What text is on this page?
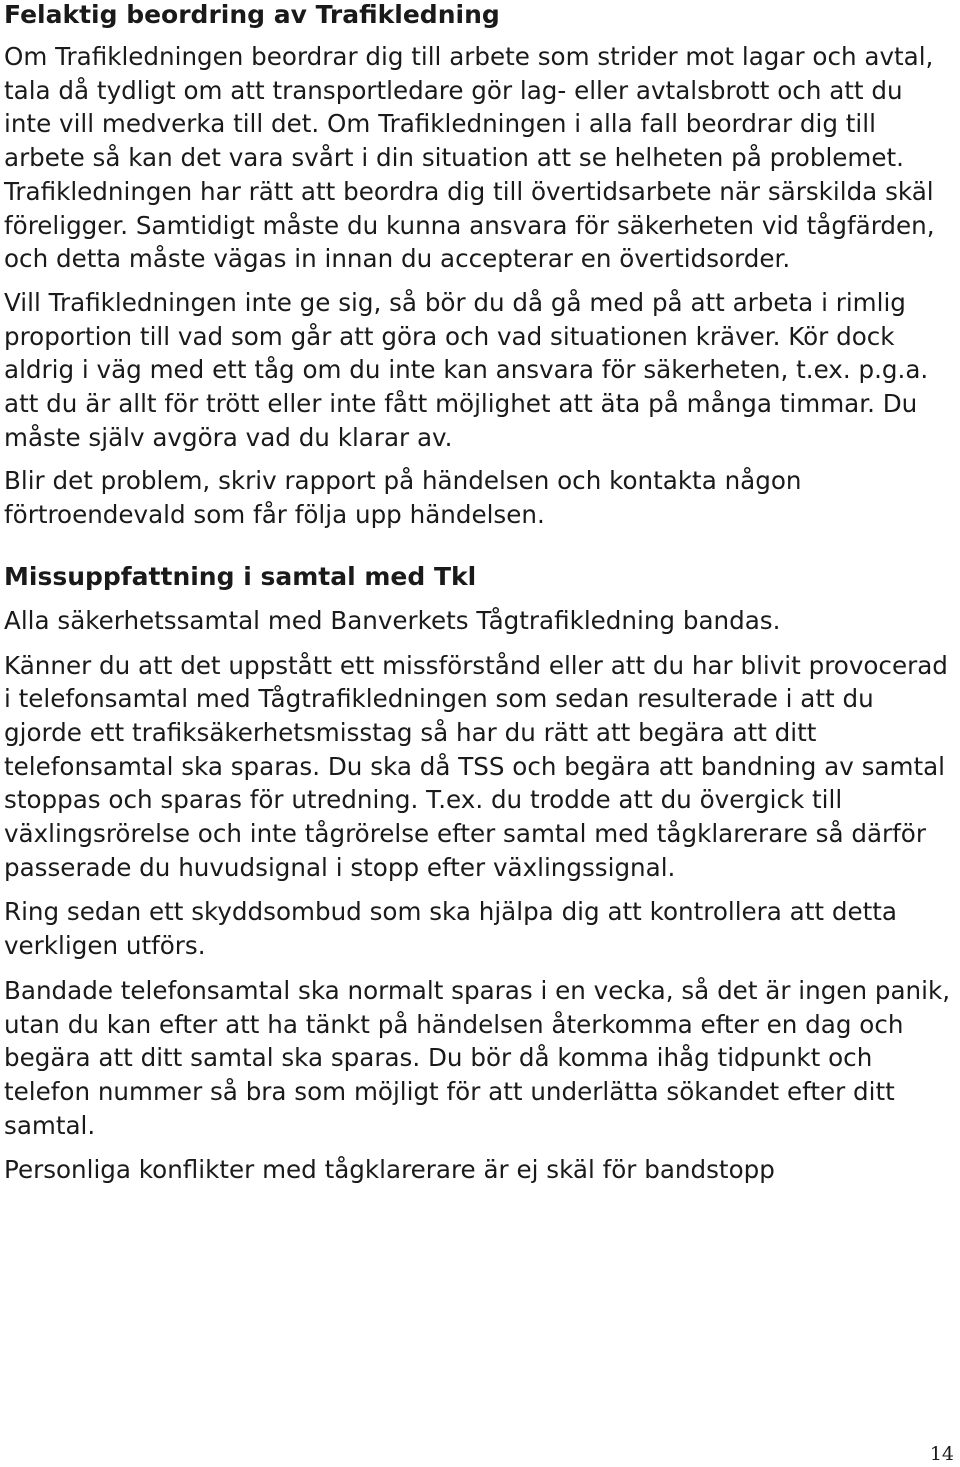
Felaktig beordring av Trafikledning

Om Trafikledningen beordrar dig till arbete som strider mot lagar och avtal, tala då tydligt om att transportledare gör lag- eller avtalsbrott och att du inte vill medverka till det. Om Trafikledningen i alla fall beordrar dig till arbete så kan det vara svårt i din situation att se helheten på problemet. Trafikledningen har rätt att beordra dig till övertidsarbete när särskilda skäl föreligger. Samtidigt måste du kunna ansvara för säkerheten vid tågfärden, och detta måste vägas in innan du accepterar en övertidsorder.

Vill Trafikledningen inte ge sig, så bör du då gå med på att arbeta i rimlig proportion till vad som går att göra och vad situationen kräver. Kör dock aldrig i väg med ett tåg om du inte kan ansvara för säkerheten, t.ex. p.g.a. att du är allt för trött eller inte fått möjlighet att äta på många timmar. Du måste själv avgöra vad du klarar av.

Blir det problem, skriv rapport på händelsen och kontakta någon förtroendevald som får följa upp händelsen.

Missuppfattning i samtal med Tkl

Alla säkerhetssamtal med Banverkets Tågtrafikledning bandas.

Känner du att det uppstått ett missförstånd eller att du har blivit provocerad i telefonsamtal med Tågtrafikledningen som sedan resulterade i att du gjorde ett trafiksäkerhetsmisstag så har du rätt att begära att ditt telefonsamtal ska sparas. Du ska då TSS och begära att bandning av samtal stoppas och sparas för utredning. T.ex. du trodde att du övergick till växlingsrörelse och inte tågrörelse efter samtal med tågklarerare så därför passerade du huvudsignal i stopp efter växlingssignal.

Ring sedan ett skyddsombud som ska hjälpa dig att kontrollera att detta verkligen utförs.

Bandade telefonsamtal ska normalt sparas i en vecka, så det är ingen panik, utan du kan efter att ha tänkt på händelsen återkomma efter en dag och begära att ditt samtal ska sparas. Du bör då komma ihåg tidpunkt och telefon nummer så bra som möjligt för att underlätta sökandet efter ditt samtal.

Personliga konflikter med tågklarerare är ej skäl för bandstopp

14
